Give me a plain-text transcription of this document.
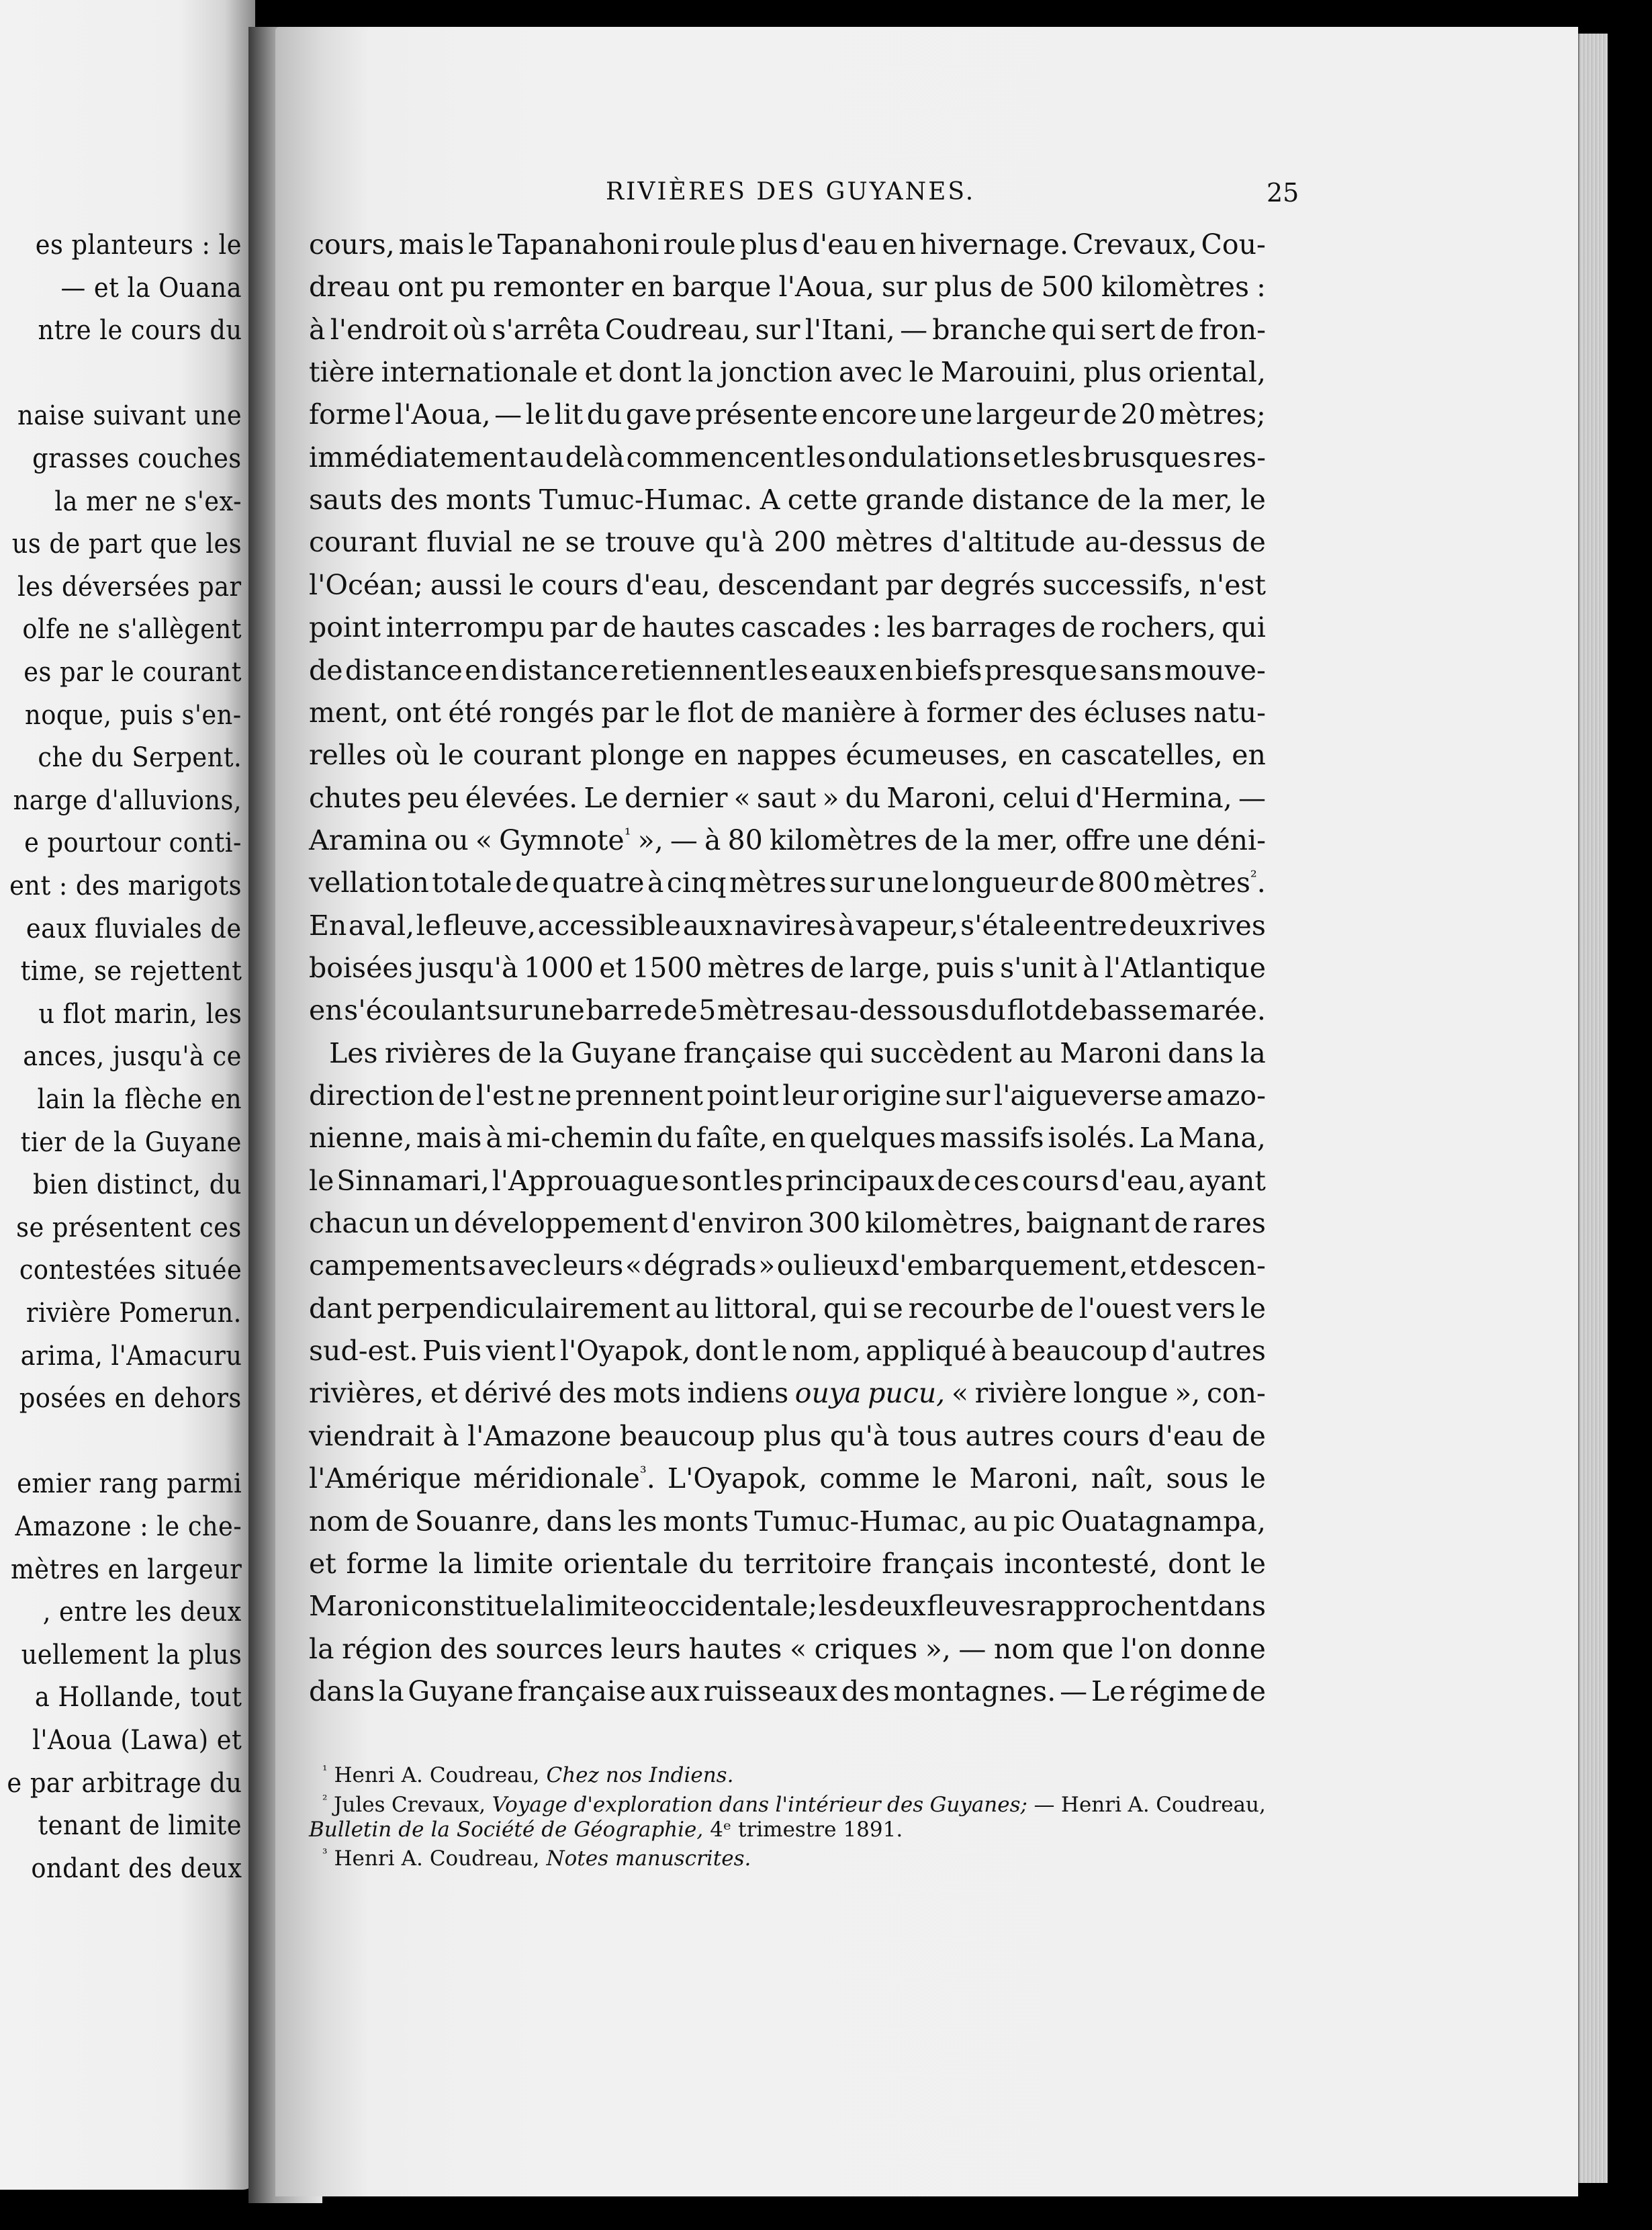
es planteurs : le
— et la Ouana
ntre le cours du
naise suivant une
grasses couches
la mer ne s'ex-
us de part que les
les déversées par
olfe ne s'allègent
es par le courant
noque, puis s'en-
che du Serpent.
narge d'alluvions,
e pourtour conti-
ent : des marigots
eaux fluviales de
time, se rejettent
u flot marin, les
ances, jusqu'à ce
lain la flèche en
tier de la Guyane
bien distinct, du
se présentent ces
contestées située
rivière Pomerun.
arima, l'Amacuru
posées en dehors
emier rang parmi
Amazone : le che-
mètres en largeur
, entre les deux
uellement la plus
a Hollande, tout
l'Aoua (Lawa) et
e par arbitrage du
tenant de limite
ondant des deux
RIVIÈRES DES GUYANES.	25
cours, mais le Tapanahoni roule plus d'eau en hivernage. Crevaux, Cou-
dreau ont pu remonter en barque l'Aoua, sur plus de 500 kilomètres :
à l'endroit où s'arrêta Coudreau, sur l'Itani, — branche qui sert de fron-
tière internationale et dont la jonction avec le Marouini, plus oriental,
forme l'Aoua, — le lit du gave présente encore une largeur de 20 mètres;
immédiatement au delà commencent les ondulations et les brusques res-
sauts des monts Tumuc-Humac. A cette grande distance de la mer, le
courant fluvial ne se trouve qu'à 200 mètres d'altitude au-dessus de
l'Océan; aussi le cours d'eau, descendant par degrés successifs, n'est
point interrompu par de hautes cascades : les barrages de rochers, qui
de distance en distance retiennent les eaux en biefs presque sans mouve-
ment, ont été rongés par le flot de manière à former des écluses natu-
relles où le courant plonge en nappes écumeuses, en cascatelles, en
chutes peu élevées. Le dernier « saut » du Maroni, celui d'Hermina, —
Aramina ou « Gymnote$^{^1}$ », — à 80 kilomètres de la mer, offre une déni-
vellation totale de quatre à cinq mètres sur une longueur de 800 mètres$^{^2}$.
En aval, le fleuve, accessible aux navires à vapeur, s'étale entre deux rives
boisées jusqu'à 1000 et 1500 mètres de large, puis s'unit à l'Atlantique
en s'écoulant sur une barre de 5 mètres au-dessous du flot de basse marée.
Les rivières de la Guyane française qui succèdent au Maroni dans la
direction de l'est ne prennent point leur origine sur l'aigueverse amazo-
nienne, mais à mi-chemin du faîte, en quelques massifs isolés. La Mana,
le Sinnamari, l'Approuague sont les principaux de ces cours d'eau, ayant
chacun un développement d'environ 300 kilomètres, baignant de rares
campements avec leurs « dégrads » ou lieux d'embarquement, et descen-
dant perpendiculairement au littoral, qui se recourbe de l'ouest vers le
sud-est. Puis vient l'Oyapok, dont le nom, appliqué à beaucoup d'autres
rivières, et dérivé des mots indiens ouya pucu, « rivière longue », con-
viendrait à l'Amazone beaucoup plus qu'à tous autres cours d'eau de
l'Amérique méridionale$^{^3}$. L'Oyapok, comme le Maroni, naît, sous le
nom de Souanre, dans les monts Tumuc-Humac, au pic Ouatagnampa,
et forme la limite orientale du territoire français incontesté, dont le
Maroni constitue la limite occidentale; les deux fleuves rapprochent dans
la région des sources leurs hautes « criques », — nom que l'on donne
dans la Guyane française aux ruisseaux des montagnes. — Le régime de
$^{^1}$ Henri A. Coudreau, Chez nos Indiens.
$^{^2}$ Jules Crevaux, Voyage d'exploration dans l'intérieur des Guyanes; — Henri A. Coudreau,
Bulletin de la Société de Géographie, 4ᵉ trimestre 1891.
$^{^3}$ Henri A. Coudreau, Notes manuscrites.
